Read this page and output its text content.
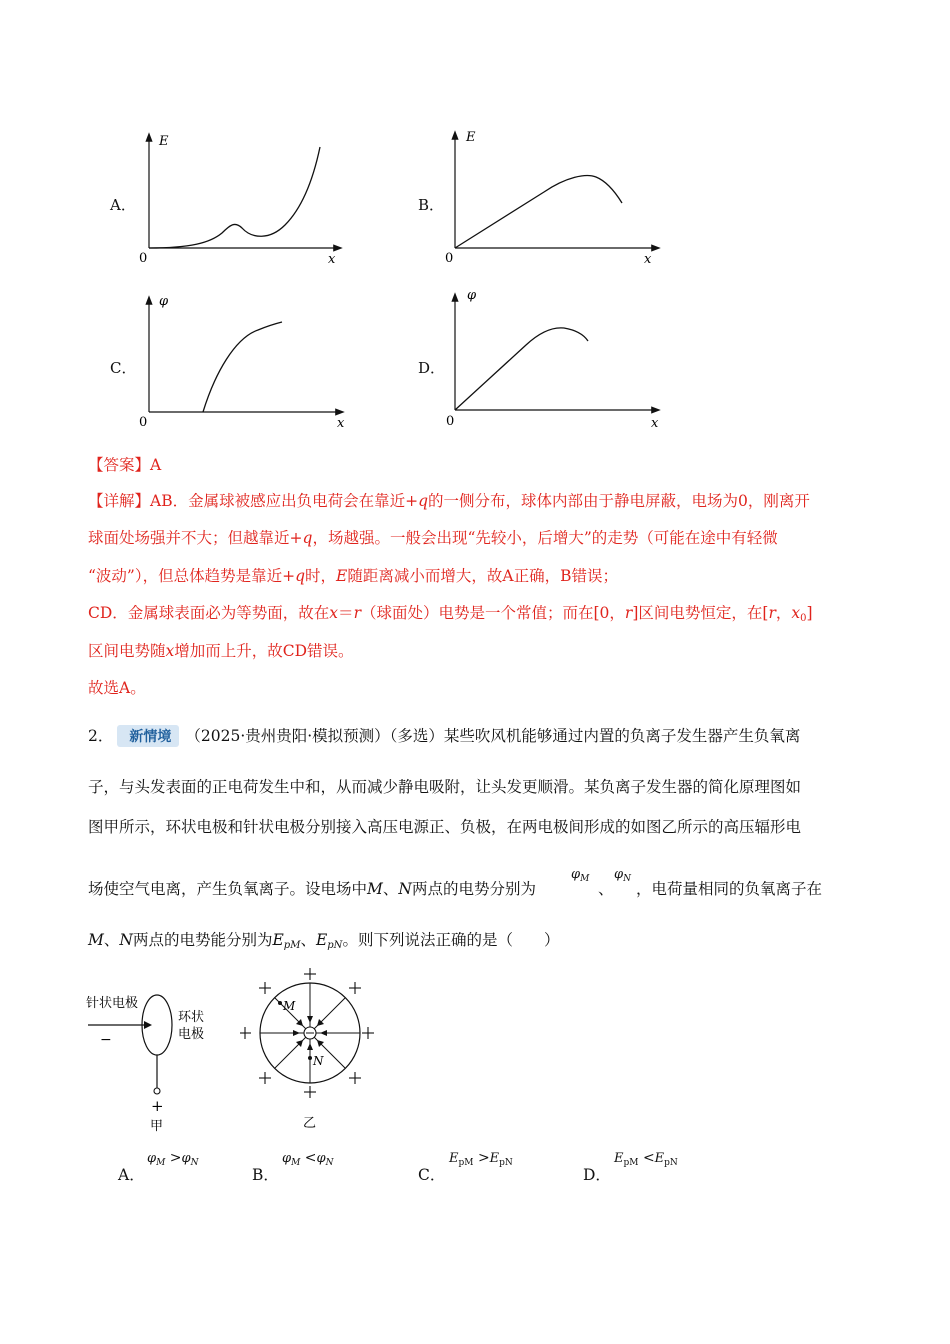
A．
E
x
0
B．
E
x
0
C．
φ
x
0
D．
φ
x
0
【答案】A
【详解】AB．金属球被感应出负电荷会在靠近+q的一侧分布，球体内部由于静电屏蔽，电场为0，刚离开
球面处场强并不大；但越靠近+q，场越强。一般会出现“先较小，后增大”的走势（可能在途中有轻微
“波动”），但总体趋势是靠近+q时，E随距离减小而增大，故A正确，B错误；
CD．金属球表面必为等势面，故在x＝r（球面处）电势是一个常值；而在[0，r]区间电势恒定，在[r，$x_0$]
区间电势随x增加而上升，故CD错误。
故选A。
2． 新情境 （2025·贵州贵阳·模拟预测）（多选）某些吹风机能够通过内置的负离子发生器产生负氧离
子，与头发表面的正电荷发生中和，从而减少静电吸附，让头发更顺滑。某负离子发生器的简化原理图如
图甲所示，环状电极和针状电极分别接入高压电源正、负极，在两电极间形成的如图乙所示的高压辐形电
场使空气电离，产生负氧离子。设电场中M、N两点的电势分别为
$\varphi_M$
、
$\varphi_N$
，电荷量相同的负氧离子在
M、N两点的电势能分别为$E_{pM}$、$E_{pN}$。则下列说法正确的是（　　）
针状电极
−
环状
电极
+
甲
M
N
乙
A．
$\varphi_M >\varphi_N$
B．
$\varphi_M <\varphi_N$
C．
$E_{pM} >E_{pN}$
D．
$E_{pM} <E_{pN}$
